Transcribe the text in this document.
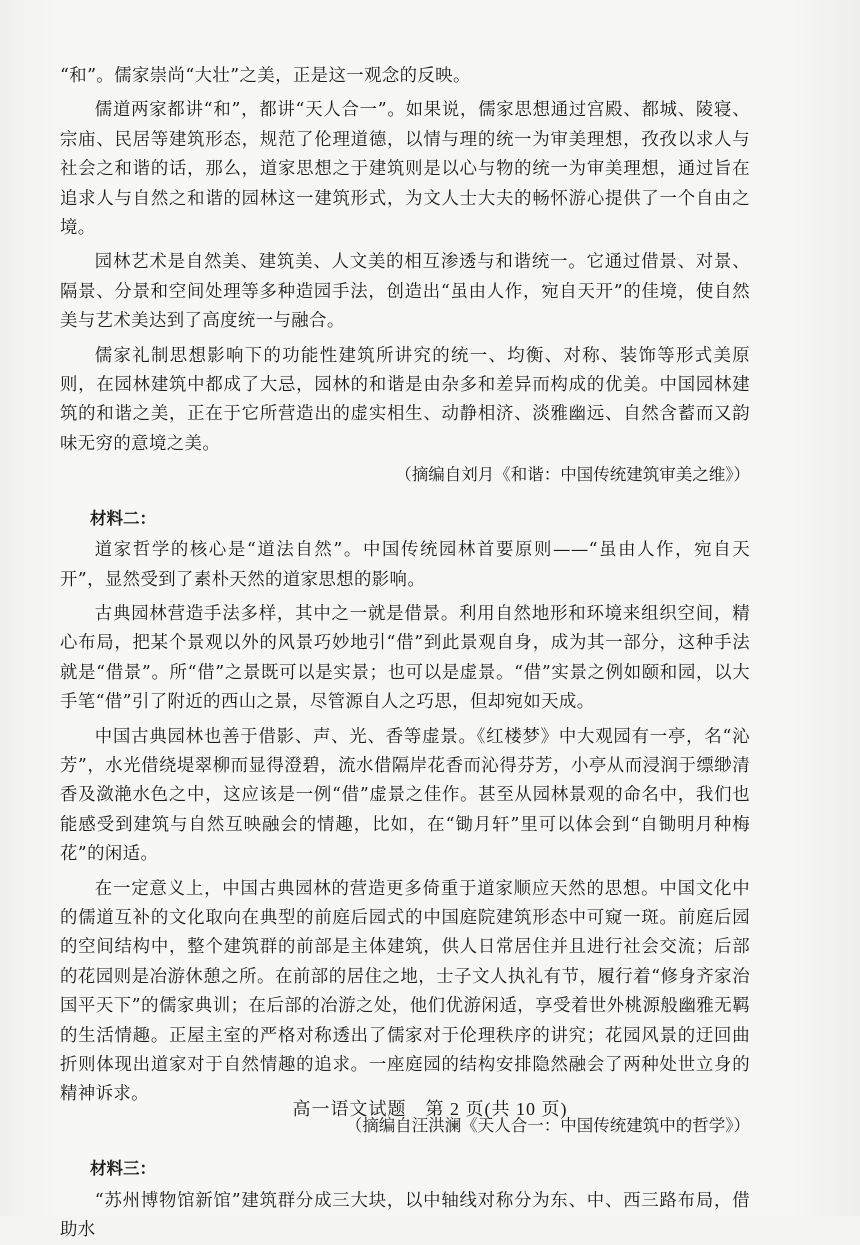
“和”。儒家崇尚“大壮”之美，正是这一观念的反映。

儒道两家都讲“和”，都讲“天人合一”。如果说，儒家思想通过宫殿、都城、陵寝、宗庙、民居等建筑形态，规范了伦理道德，以情与理的统一为审美理想，孜孜以求人与社会之和谐的话，那么，道家思想之于建筑则是以心与物的统一为审美理想，通过旨在追求人与自然之和谐的园林这一建筑形式，为文人士大夫的畅怀游心提供了一个自由之境。

园林艺术是自然美、建筑美、人文美的相互渗透与和谐统一。它通过借景、对景、隔景、分景和空间处理等多种造园手法，创造出“虽由人作，宛自天开”的佳境，使自然美与艺术美达到了高度统一与融合。

儒家礼制思想影响下的功能性建筑所讲究的统一、均衡、对称、装饰等形式美原则，在园林建筑中都成了大忌，园林的和谐是由杂多和差异而构成的优美。中国园林建筑的和谐之美，正在于它所营造出的虚实相生、动静相济、淡雅幽远、自然含蓄而又韵味无穷的意境之美。

（摘编自刘月《和谐：中国传统建筑审美之维》）
材料二：

道家哲学的核心是“道法自然”。中国传统园林首要原则——“虽由人作，宛自天开”，显然受到了素朴天然的道家思想的影响。

古典园林营造手法多样，其中之一就是借景。利用自然地形和环境来组织空间，精心布局，把某个景观以外的风景巧妙地引“借”到此景观自身，成为其一部分，这种手法就是“借景”。所“借”之景既可以是实景；也可以是虚景。“借”实景之例如颐和园，以大手笔“借”引了附近的西山之景，尽管源自人之巧思，但却宛如天成。

中国古典园林也善于借影、声、光、香等虚景。《红楼梦》中大观园有一亭，名“沁芳”，水光借绕堤翠柳而显得澄碧，流水借隔岸花香而沁得芬芳，小亭从而浸润于缥缈清香及潋滟水色之中，这应该是一例“借”虚景之佳作。甚至从园林景观的命名中，我们也能感受到建筑与自然互映融会的情趣，比如，在“锄月轩”里可以体会到“自锄明月种梅花”的闲适。

在一定意义上，中国古典园林的营造更多倚重于道家顺应天然的思想。中国文化中的儒道互补的文化取向在典型的前庭后园式的中国庭院建筑形态中可窥一斑。前庭后园的空间结构中，整个建筑群的前部是主体建筑，供人日常居住并且进行社会交流；后部的花园则是冶游休憩之所。在前部的居住之地，士子文人执礼有节，履行着“修身齐家治国平天下”的儒家典训；在后部的冶游之处，他们优游闲适，享受着世外桃源般幽雅无羁的生活情趣。正屋主室的严格对称透出了儒家对于伦理秩序的讲究；花园风景的迂回曲折则体现出道家对于自然情趣的追求。一座庭园的结构安排隐然融会了两种处世立身的精神诉求。

（摘编自汪洪澜《天人合一：中国传统建筑中的哲学》）
材料三：

“苏州博物馆新馆”建筑群分成三大块，以中轴线对称分为东、中、西三路布局，借助水

高一语文试题　第 2 页(共 10 页)
